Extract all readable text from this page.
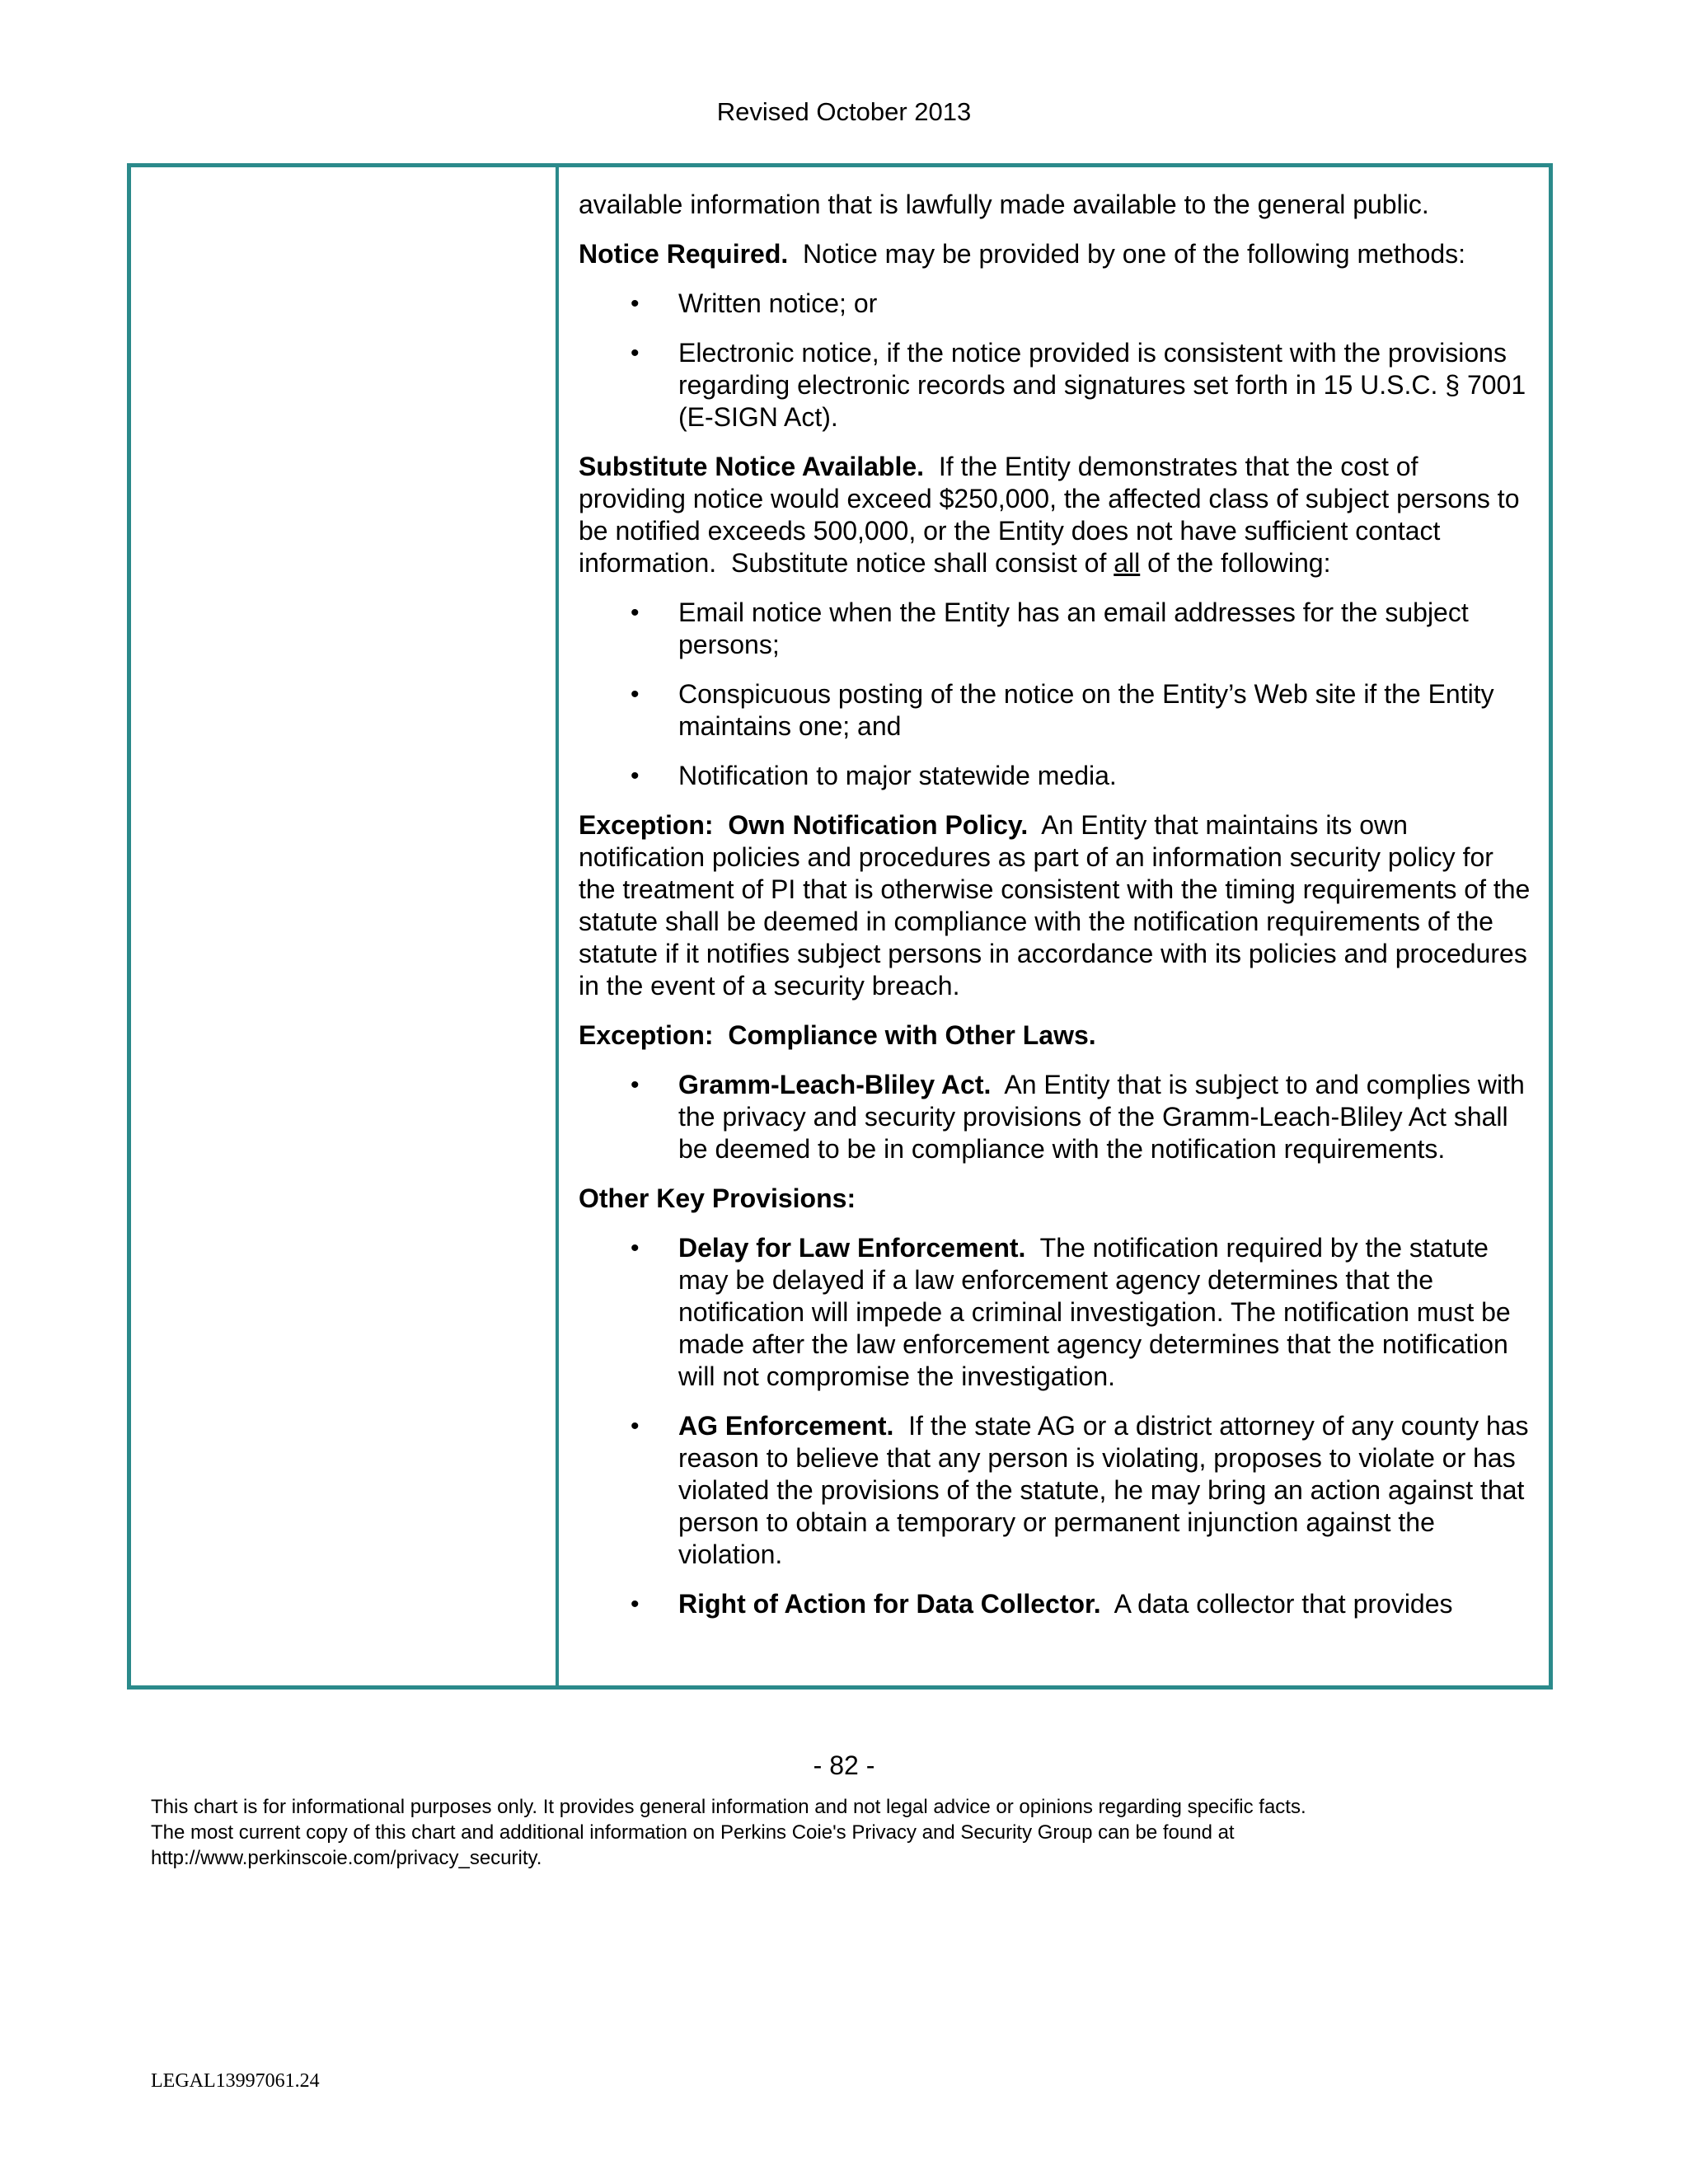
Revised October 2013

available information that is lawfully made available to the general public.

Notice Required.  Notice may be provided by one of the following methods:

• Written notice; or
• Electronic notice, if the notice provided is consistent with the provisions regarding electronic records and signatures set forth in 15 U.S.C. § 7001 (E-SIGN Act).

Substitute Notice Available.  If the Entity demonstrates that the cost of providing notice would exceed $250,000, the affected class of subject persons to be notified exceeds 500,000, or the Entity does not have sufficient contact information.  Substitute notice shall consist of all of the following:

• Email notice when the Entity has an email addresses for the subject persons;
• Conspicuous posting of the notice on the Entity’s Web site if the Entity maintains one; and
• Notification to major statewide media.

Exception:  Own Notification Policy.  An Entity that maintains its own notification policies and procedures as part of an information security policy for the treatment of PI that is otherwise consistent with the timing requirements of the statute shall be deemed in compliance with the notification requirements of the statute if it notifies subject persons in accordance with its policies and procedures in the event of a security breach.

Exception:  Compliance with Other Laws.

• Gramm-Leach-Bliley Act.  An Entity that is subject to and complies with the privacy and security provisions of the Gramm-Leach-Bliley Act shall be deemed to be in compliance with the notification requirements.

Other Key Provisions:

• Delay for Law Enforcement.  The notification required by the statute may be delayed if a law enforcement agency determines that the notification will impede a criminal investigation. The notification must be made after the law enforcement agency determines that the notification will not compromise the investigation.
• AG Enforcement.  If the state AG or a district attorney of any county has reason to believe that any person is violating, proposes to violate or has violated the provisions of the statute, he may bring an action against that person to obtain a temporary or permanent injunction against the violation.
• Right of Action for Data Collector.  A data collector that provides
- 82 -
This chart is for informational purposes only. It provides general information and not legal advice or opinions regarding specific facts.
The most current copy of this chart and additional information on Perkins Coie's Privacy and Security Group can be found at
http://www.perkinscoie.com/privacy_security.
LEGAL13997061.24
